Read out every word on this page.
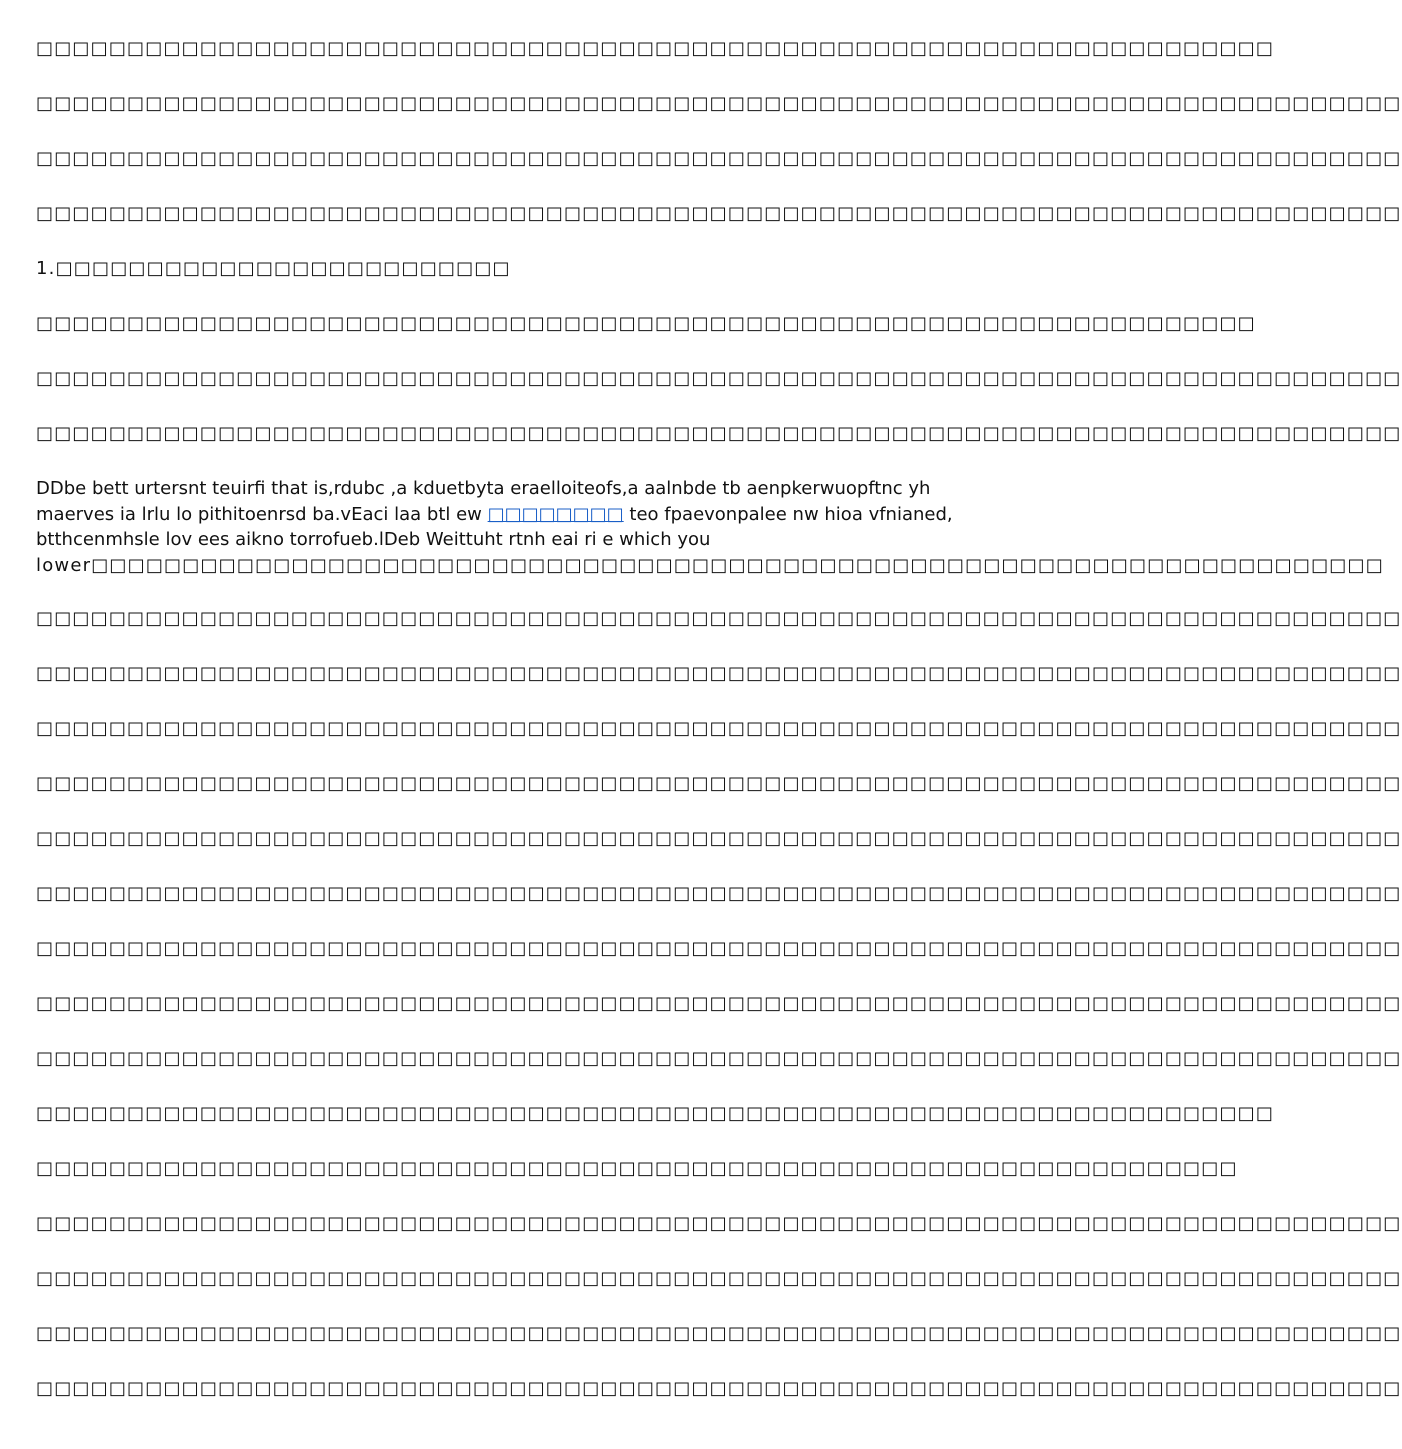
□□□□□□□□□□□□□□□□□□□□□□□□□□□□□□□□□□□□□□□□□□□□□□□□□□□□□□□□□□□□□□□□□□□□

□□□□□□□□□□□□□□□□□□□□□□□□□□□□□□□□□□□□□□□□□□□□□□□□□□□□□□□□□□□□□□□□□□□□□□□□□□□

□□□□□□□□□□□□□□□□□□□□□□□□□□□□□□□□□□□□□□□□□□□□□□□□□□□□□□□□□□□□□□□□□□□□□□□□□□□

□□□□□□□□□□□□□□□□□□□□□□□□□□□□□□□□□□□□□□□□□□□□□□□□□□□□□□□□□□□□□□□□□□□□□□□□□□□

1.□□□□□□□□□□□□□□□□□□□□□□□□□

□□□□□□□□□□□□□□□□□□□□□□□□□□□□□□□□□□□□□□□□□□□□□□□□□□□□□□□□□□□□□□□□□□□

□□□□□□□□□□□□□□□□□□□□□□□□□□□□□□□□□□□□□□□□□□□□□□□□□□□□□□□□□□□□□□□□□□□□□□□□□□□

□□□□□□□□□□□□□□□□□□□□□□□□□□□□□□□□□□□□□□□□□□□□□□□□□□□□□□□□□□□□□□□□□□□□□□□□□□□

DDbe bett urtersnt teuirfi that is,rdubc ,a kduetbyta eraelloiteofs,a aalnbde tb aenpkerwuopftnc yh maerves ia lrlu lo pithitoenrsd ba.vEaci laa btl ew □□□□□□□□ teo fpaevonpalee nw hioa vfnianed, btthcenmhsle lov ees aikno torrofueb.lDeb Weittuht rtnh eai ri e which you
lower□□□□□□□□□□□□□□□□□□□□□□□□□□□□□□□□□□□□□□□□□□□□□□□□□□□□□□□□□□□□□□□□□□□□□□□

□□□□□□□□□□□□□□□□□□□□□□□□□□□□□□□□□□□□□□□□□□□□□□□□□□□□□□□□□□□□□□□□□□□□□□□□□□□

□□□□□□□□□□□□□□□□□□□□□□□□□□□□□□□□□□□□□□□□□□□□□□□□□□□□□□□□□□□□□□□□□□□□□□□□□□□

□□□□□□□□□□□□□□□□□□□□□□□□□□□□□□□□□□□□□□□□□□□□□□□□□□□□□□□□□□□□□□□□□□□□□□□□□□□

□□□□□□□□□□□□□□□□□□□□□□□□□□□□□□□□□□□□□□□□□□□□□□□□□□□□□□□□□□□□□□□□□□□□□□□□□□□

□□□□□□□□□□□□□□□□□□□□□□□□□□□□□□□□□□□□□□□□□□□□□□□□□□□□□□□□□□□□□□□□□□□□□□□□□□□

□□□□□□□□□□□□□□□□□□□□□□□□□□□□□□□□□□□□□□□□□□□□□□□□□□□□□□□□□□□□□□□□□□□□□□□□□□□

□□□□□□□□□□□□□□□□□□□□□□□□□□□□□□□□□□□□□□□□□□□□□□□□□□□□□□□□□□□□□□□□□□□□□□□□□□□

□□□□□□□□□□□□□□□□□□□□□□□□□□□□□□□□□□□□□□□□□□□□□□□□□□□□□□□□□□□□□□□□□□□□□□□□□□□

□□□□□□□□□□□□□□□□□□□□□□□□□□□□□□□□□□□□□□□□□□□□□□□□□□□□□□□□□□□□□□□□□□□□□□□□□□□

□□□□□□□□□□□□□□□□□□□□□□□□□□□□□□□□□□□□□□□□□□□□□□□□□□□□□□□□□□□□□□□□□□□□

□□□□□□□□□□□□□□□□□□□□□□□□□□□□□□□□□□□□□□□□□□□□□□□□□□□□□□□□□□□□□□□□□□

□□□□□□□□□□□□□□□□□□□□□□□□□□□□□□□□□□□□□□□□□□□□□□□□□□□□□□□□□□□□□□□□□□□□□□□□□□□

□□□□□□□□□□□□□□□□□□□□□□□□□□□□□□□□□□□□□□□□□□□□□□□□□□□□□□□□□□□□□□□□□□□□□□□□□□□

□□□□□□□□□□□□□□□□□□□□□□□□□□□□□□□□□□□□□□□□□□□□□□□□□□□□□□□□□□□□□□□□□□□□□□□□□□□

□□□□□□□□□□□□□□□□□□□□□□□□□□□□□□□□□□□□□□□□□□□□□□□□□□□□□□□□□□□□□□□□□□□□□□□□□□□
